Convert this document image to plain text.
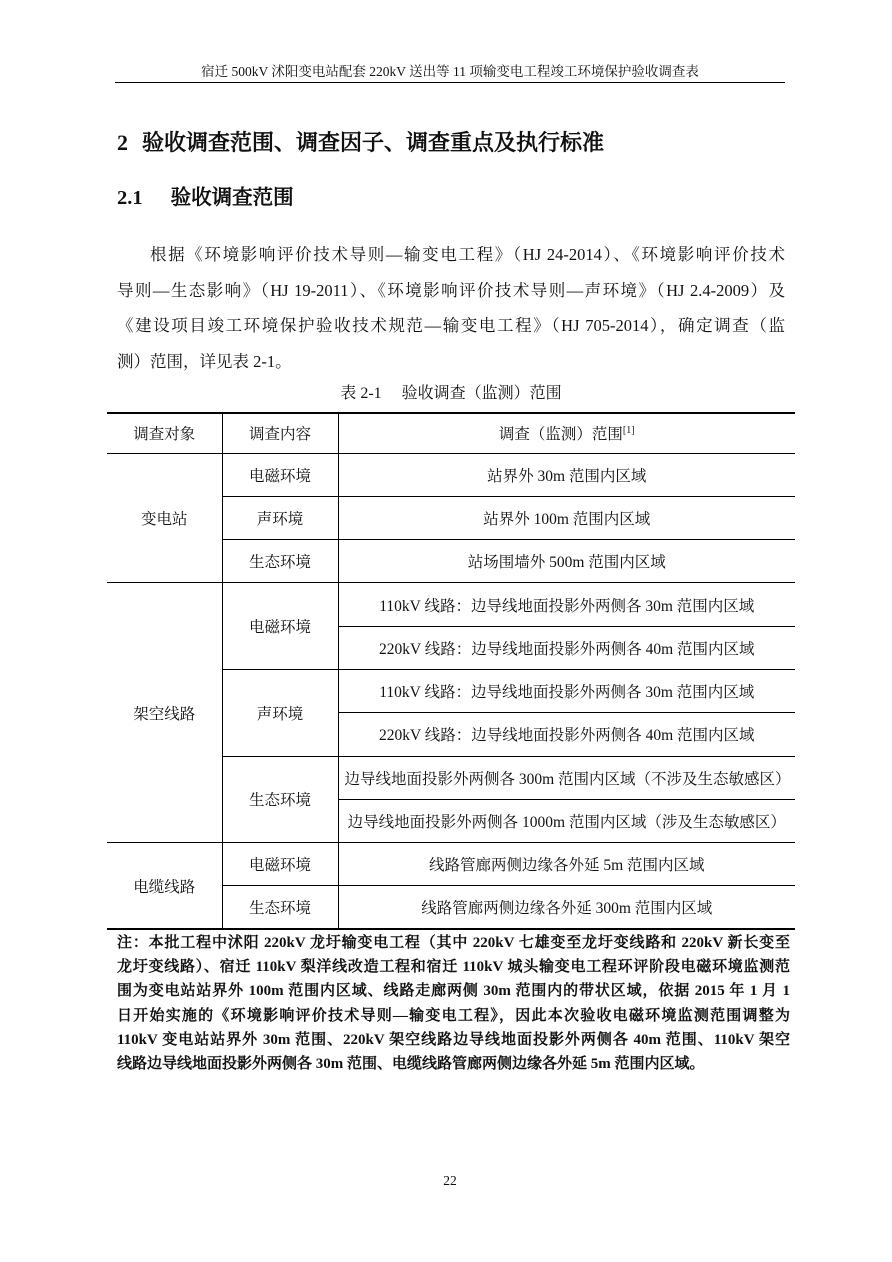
宿迁 500kV 沭阳变电站配套 220kV 送出等 11 项输变电工程竣工环境保护验收调查表
2 验收调查范围、调查因子、调查重点及执行标准
2.1 验收调查范围
根据《环境影响评价技术导则—输变电工程》（HJ 24-2014）、《环境影响评价技术
导则—生态影响》（HJ 19-2011）、《环境影响评价技术导则—声环境》（HJ 2.4-2009）及
《建设项目竣工环境保护验收技术规范—输变电工程》（HJ 705-2014），确定调查（监
测）范围，详见表 2-1。
表 2-1 验收调查（监测）范围
调查对象	调查内容	调查（监测）范围[1]
变电站	电磁环境	站界外 30m 范围内区域
	声环境	站界外 100m 范围内区域
	生态环境	站场围墙外 500m 范围内区域
架空线路	电磁环境	110kV 线路：边导线地面投影外两侧各 30m 范围内区域
		220kV 线路：边导线地面投影外两侧各 40m 范围内区域
	声环境	110kV 线路：边导线地面投影外两侧各 30m 范围内区域
		220kV 线路：边导线地面投影外两侧各 40m 范围内区域
	生态环境	边导线地面投影外两侧各 300m 范围内区域（不涉及生态敏感区）
		边导线地面投影外两侧各 1000m 范围内区域（涉及生态敏感区）
电缆线路	电磁环境	线路管廊两侧边缘各外延 5m 范围内区域
	生态环境	线路管廊两侧边缘各外延 300m 范围内区域
注：本批工程中沭阳 220kV 龙圩输变电工程（其中 220kV 七雄变至龙圩变线路和 220kV 新长变至
龙圩变线路）、宿迁 110kV 梨洋线改造工程和宿迁 110kV 城头输变电工程环评阶段电磁环境监测范
围为变电站站界外 100m 范围内区域、线路走廊两侧 30m 范围内的带状区域，依据 2015 年 1 月 1
日开始实施的《环境影响评价技术导则—输变电工程》，因此本次验收电磁环境监测范围调整为
110kV 变电站站界外 30m 范围、220kV 架空线路边导线地面投影外两侧各 40m 范围、110kV 架空
线路边导线地面投影外两侧各 30m 范围、电缆线路管廊两侧边缘各外延 5m 范围内区域。
22
